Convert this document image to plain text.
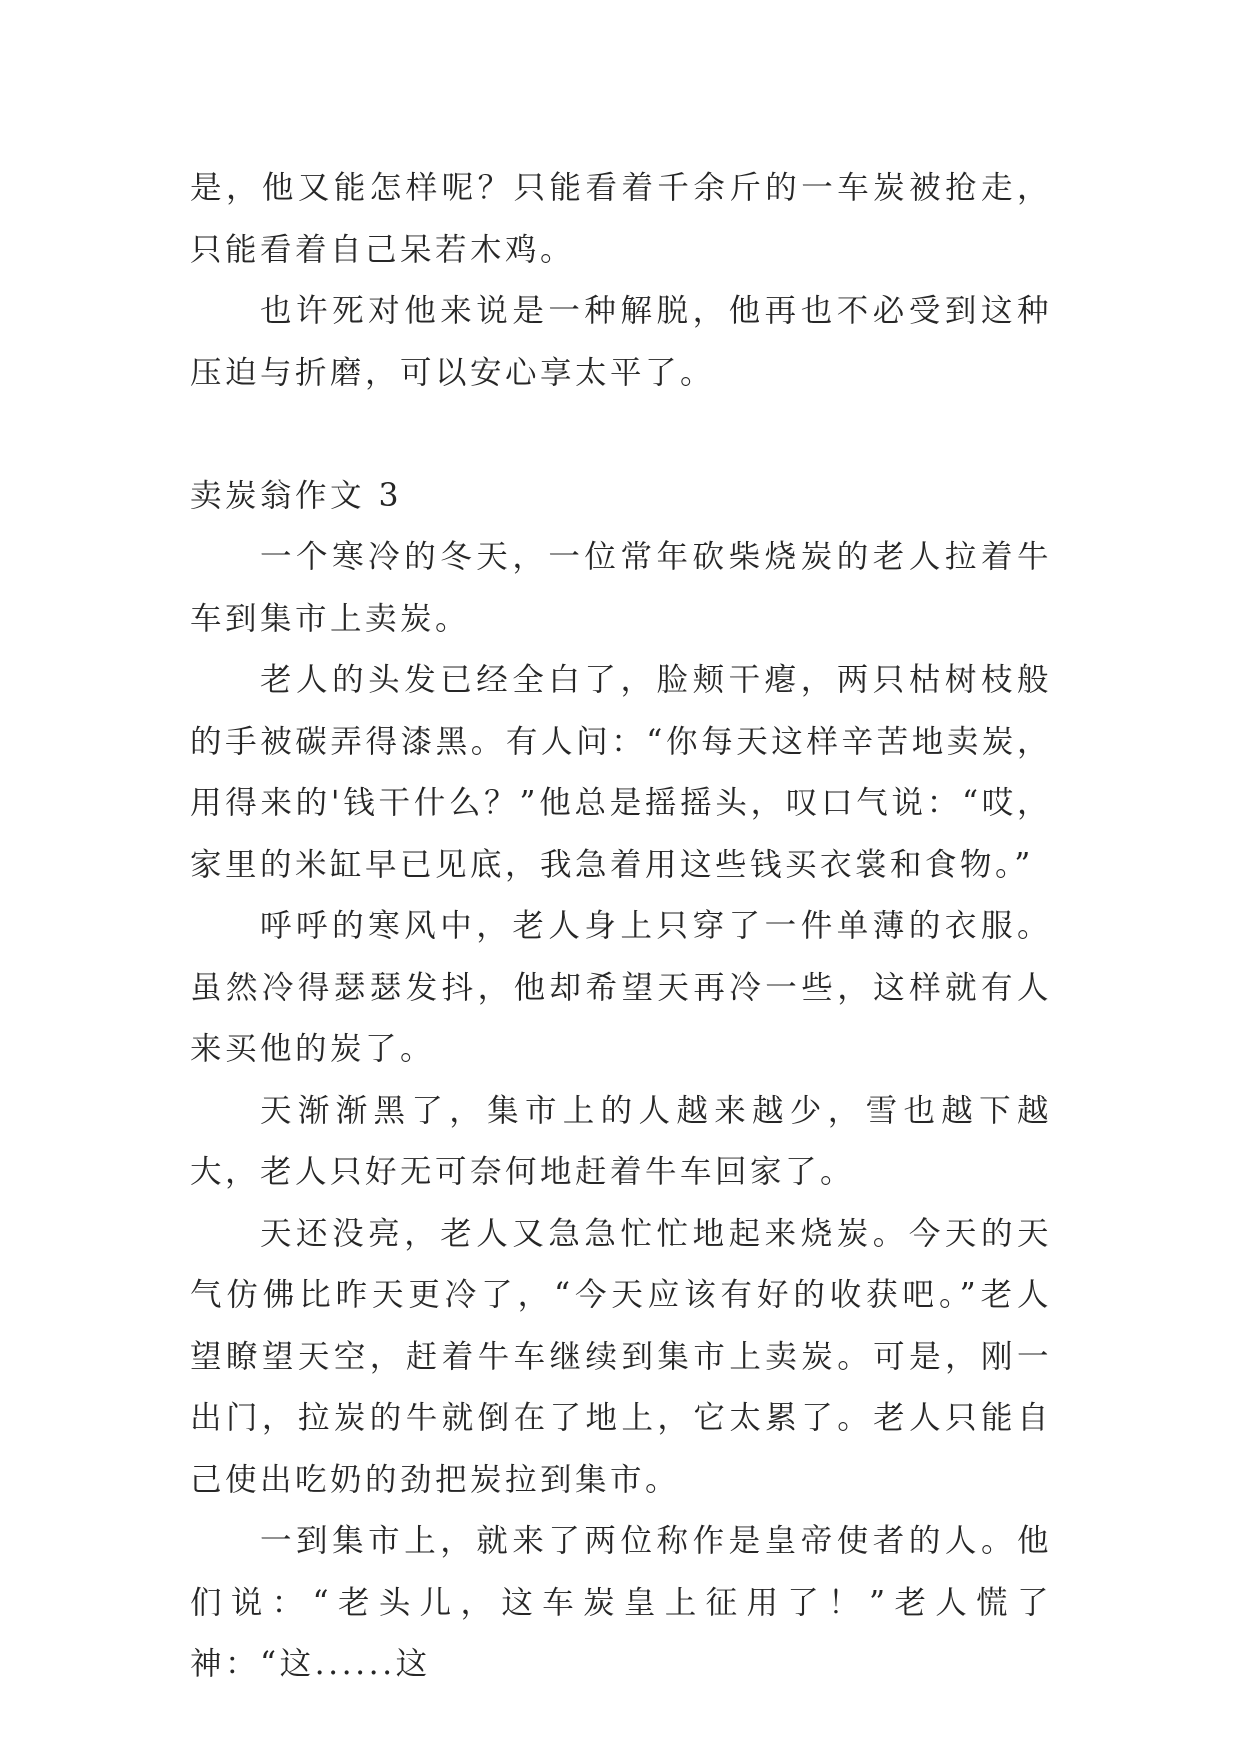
是，他又能怎样呢？只能看着千余斤的一车炭被抢走，只能看着自己呆若木鸡。

也许死对他来说是一种解脱，他再也不必受到这种压迫与折磨，可以安心享太平了。

卖炭翁作文 3

一个寒冷的冬天，一位常年砍柴烧炭的老人拉着牛车到集市上卖炭。

老人的头发已经全白了，脸颊干瘪，两只枯树枝般的手被碳弄得漆黑。有人问：“你每天这样辛苦地卖炭，用得来的'钱干什么？”他总是摇摇头，叹口气说：“哎，家里的米缸早已见底，我急着用这些钱买衣裳和食物。”

呼呼的寒风中，老人身上只穿了一件单薄的衣服。虽然冷得瑟瑟发抖，他却希望天再冷一些，这样就有人来买他的炭了。

天渐渐黑了，集市上的人越来越少，雪也越下越大，老人只好无可奈何地赶着牛车回家了。

天还没亮，老人又急急忙忙地起来烧炭。今天的天气仿佛比昨天更冷了，“今天应该有好的收获吧。”老人望瞭望天空，赶着牛车继续到集市上卖炭。可是，刚一出门，拉炭的牛就倒在了地上，它太累了。老人只能自己使出吃奶的劲把炭拉到集市。

一到集市上，就来了两位称作是皇帝使者的人。他们说：“老头儿，这车炭皇上征用了！”老人慌了神：“这......这
